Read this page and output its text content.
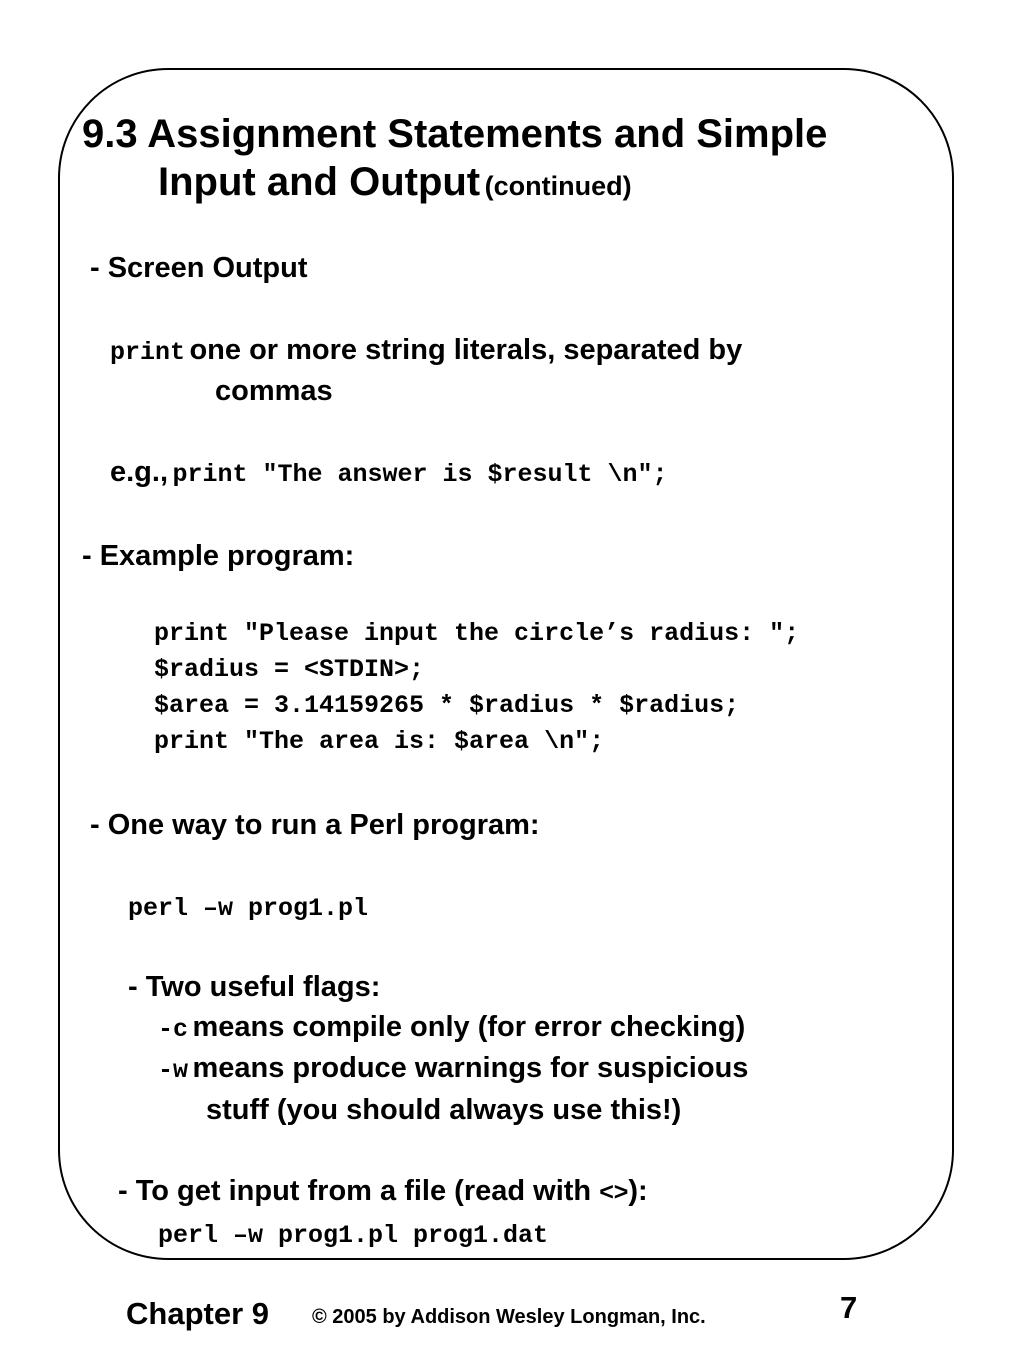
9.3 Assignment Statements and Simple
Input and Output (continued)
- Screen Output
print one or more string literals, separated by
commas
e.g., print "The answer is $result \n";
- Example program:
print "Please input the circle’s radius: ";
$radius = <STDIN>;
$area = 3.14159265 * $radius * $radius;
print "The area is: $area \n";
- One way to run a Perl program:
perl –w prog1.pl
- Two useful flags:
-c means compile only (for error checking)
-w means produce warnings for suspicious
stuff (you should always use this!)
- To get input from a file (read with <>):
perl –w prog1.pl prog1.dat
Chapter 9 © 2005 by Addison Wesley Longman, Inc.	7
